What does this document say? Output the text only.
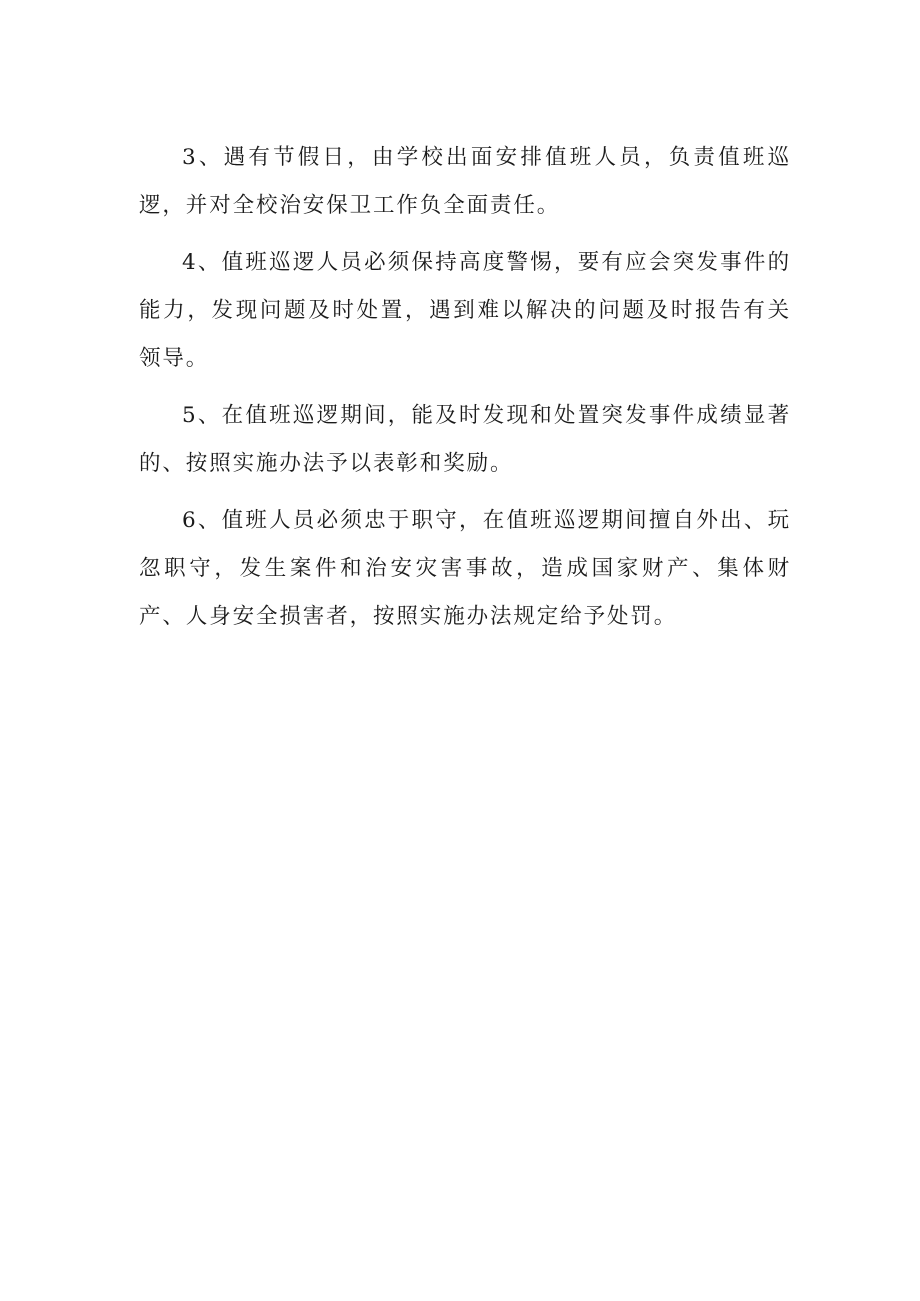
3、遇有节假日，由学校出面安排值班人员，负责值班巡逻，并对全校治安保卫工作负全面责任。

4、值班巡逻人员必须保持高度警惕，要有应会突发事件的能力，发现问题及时处置，遇到难以解决的问题及时报告有关领导。

5、在值班巡逻期间，能及时发现和处置突发事件成绩显著的、按照实施办法予以表彰和奖励。

6、值班人员必须忠于职守，在值班巡逻期间擅自外出、玩忽职守，发生案件和治安灾害事故，造成国家财产、集体财产、人身安全损害者，按照实施办法规定给予处罚。
